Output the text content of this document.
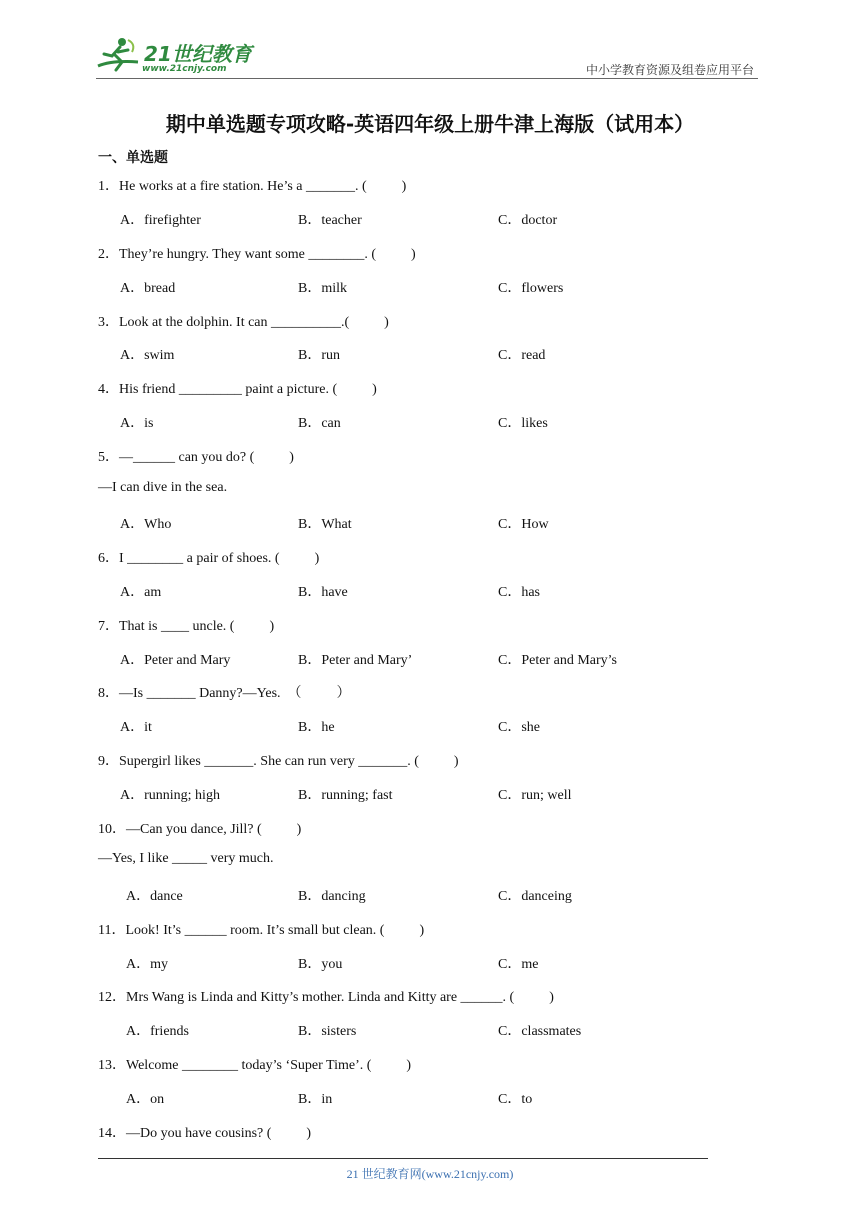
21世纪教育
www.21cnjy.com	中小学教育资源及组卷应用平台
期中单选题专项攻略-英语四年级上册牛津上海版（试用本）
一、单选题
1．He works at a fire station. He’s a _______. (          )
A．firefighter	B．teacher	C．doctor
2．They’re hungry. They want some ________. (          )
A．bread	B．milk	C．flowers
3．Look at the dolphin. It can __________.(          )
A．swim	B．run	C．read
4．His friend _________ paint a picture. (          )
A．is	B．can	C．likes
5．—______ can you do? (          )
—I can dive in the sea.
A．Who	B．What	C．How
6．I ________ a pair of shoes. (          )
A．am	B．have	C．has
7．That is ____ uncle. (          )
A．Peter and Mary	B．Peter and Mary’	C．Peter and Mary’s
8．—Is _______ Danny?—Yes.  （          ）
A．it	B．he	C．she
9．Supergirl likes _______. She can run very _______. (          )
A．running; high	B．running; fast	C．run; well
10．—Can you dance, Jill? (          )
—Yes, I like _____ very much.
A．dance	B．dancing	C．danceing
11．Look! It’s ______ room. It’s small but clean. (          )
A．my	B．you	C．me
12．Mrs Wang is Linda and Kitty’s mother. Linda and Kitty are ______. (          )
A．friends	B．sisters	C．classmates
13．Welcome ________ today’s ‘Super Time’. (          )
A．on	B．in	C．to
14．—Do you have cousins? (          )
21 世纪教育网(www.21cnjy.com)
